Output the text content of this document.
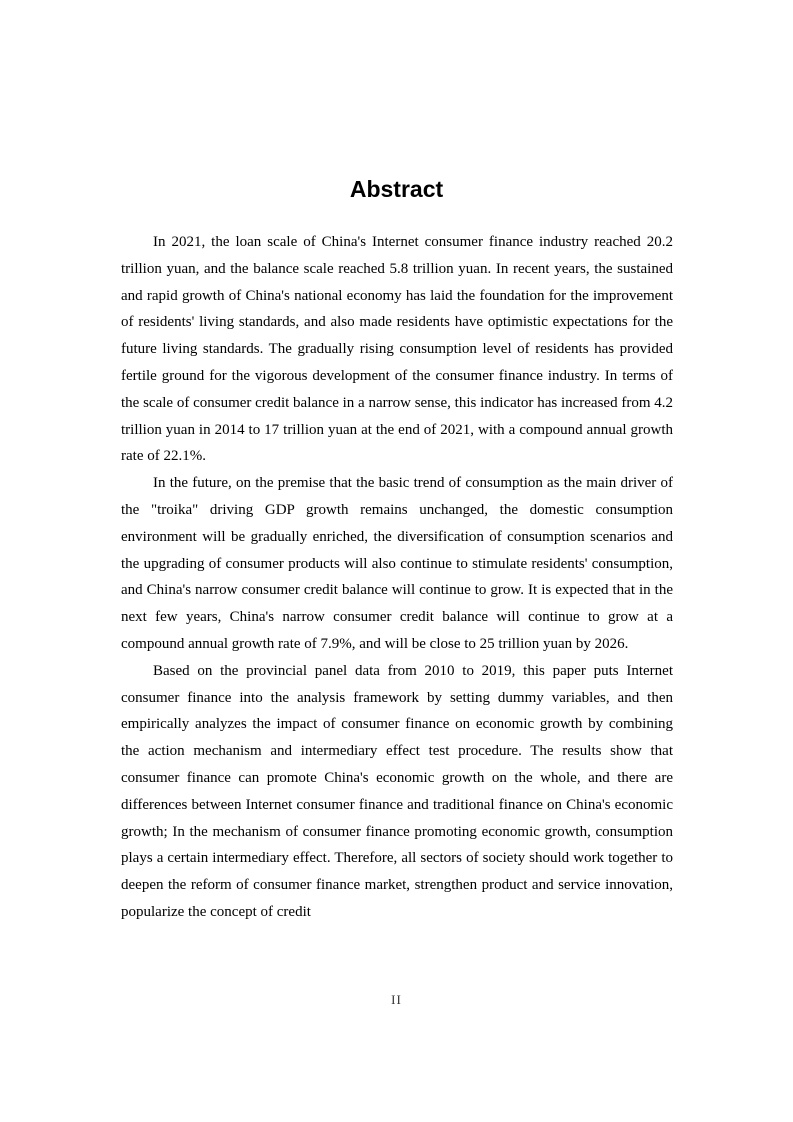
Abstract

In 2021, the loan scale of China's Internet consumer finance industry reached 20.2 trillion yuan, and the balance scale reached 5.8 trillion yuan. In recent years, the sustained and rapid growth of China's national economy has laid the foundation for the improvement of residents' living standards, and also made residents have optimistic expectations for the future living standards. The gradually rising consumption level of residents has provided fertile ground for the vigorous development of the consumer finance industry. In terms of the scale of consumer credit balance in a narrow sense, this indicator has increased from 4.2 trillion yuan in 2014 to 17 trillion yuan at the end of 2021, with a compound annual growth rate of 22.1%.

In the future, on the premise that the basic trend of consumption as the main driver of the "troika" driving GDP growth remains unchanged, the domestic consumption environment will be gradually enriched, the diversification of consumption scenarios and the upgrading of consumer products will also continue to stimulate residents' consumption, and China's narrow consumer credit balance will continue to grow. It is expected that in the next few years, China's narrow consumer credit balance will continue to grow at a compound annual growth rate of 7.9%, and will be close to 25 trillion yuan by 2026.

Based on the provincial panel data from 2010 to 2019, this paper puts Internet consumer finance into the analysis framework by setting dummy variables, and then empirically analyzes the impact of consumer finance on economic growth by combining the action mechanism and intermediary effect test procedure. The results show that consumer finance can promote China's economic growth on the whole, and there are differences between Internet consumer finance and traditional finance on China's economic growth; In the mechanism of consumer finance promoting economic growth, consumption plays a certain intermediary effect. Therefore, all sectors of society should work together to deepen the reform of consumer finance market, strengthen product and service innovation, popularize the concept of credit

II
